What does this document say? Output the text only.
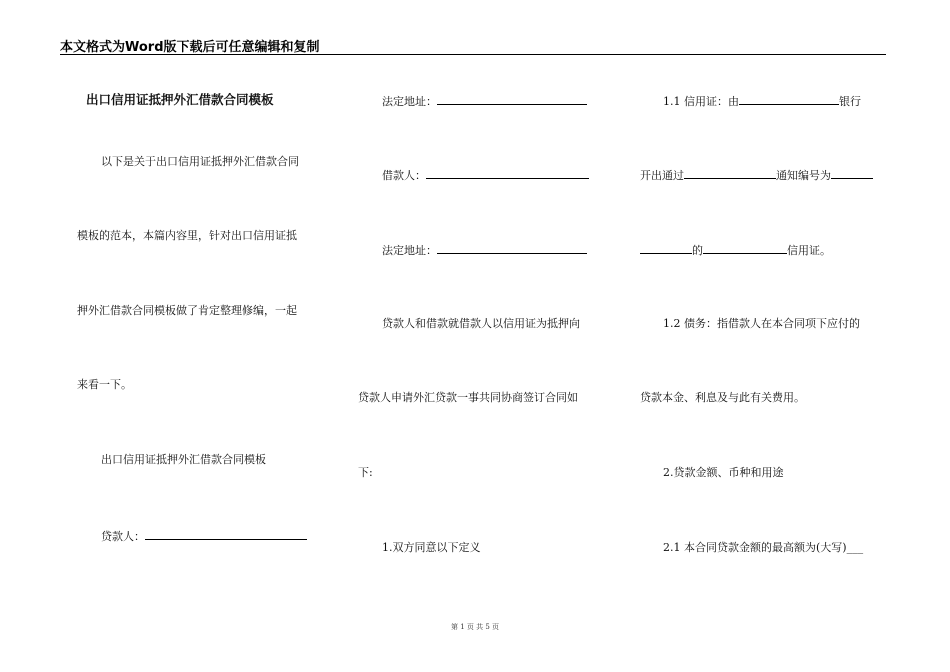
本文格式为Word版下载后可任意编辑和复制
出口信用证抵押外汇借款合同模板
以下是关于出口信用证抵押外汇借款合同
模板的范本，本篇内容里，针对出口信用证抵
押外汇借款合同模板做了肯定整理修编，一起
来看一下。
出口信用证抵押外汇借款合同模板
贷款人：
法定地址：
借款人：
法定地址：
贷款人和借款就借款人以信用证为抵押向
贷款人申请外汇贷款一事共同协商签订合同如
下:
1.双方同意以下定义
1.1 信用证：由	银行
开出通过	通知编号为
的	信用证。
1.2 债务：指借款人在本合同项下应付的
贷款本金、利息及与此有关费用。
2.贷款金额、币种和用途
2.1 本合同贷款金额的最高额为(大写)___
第 1 页 共 5 页
